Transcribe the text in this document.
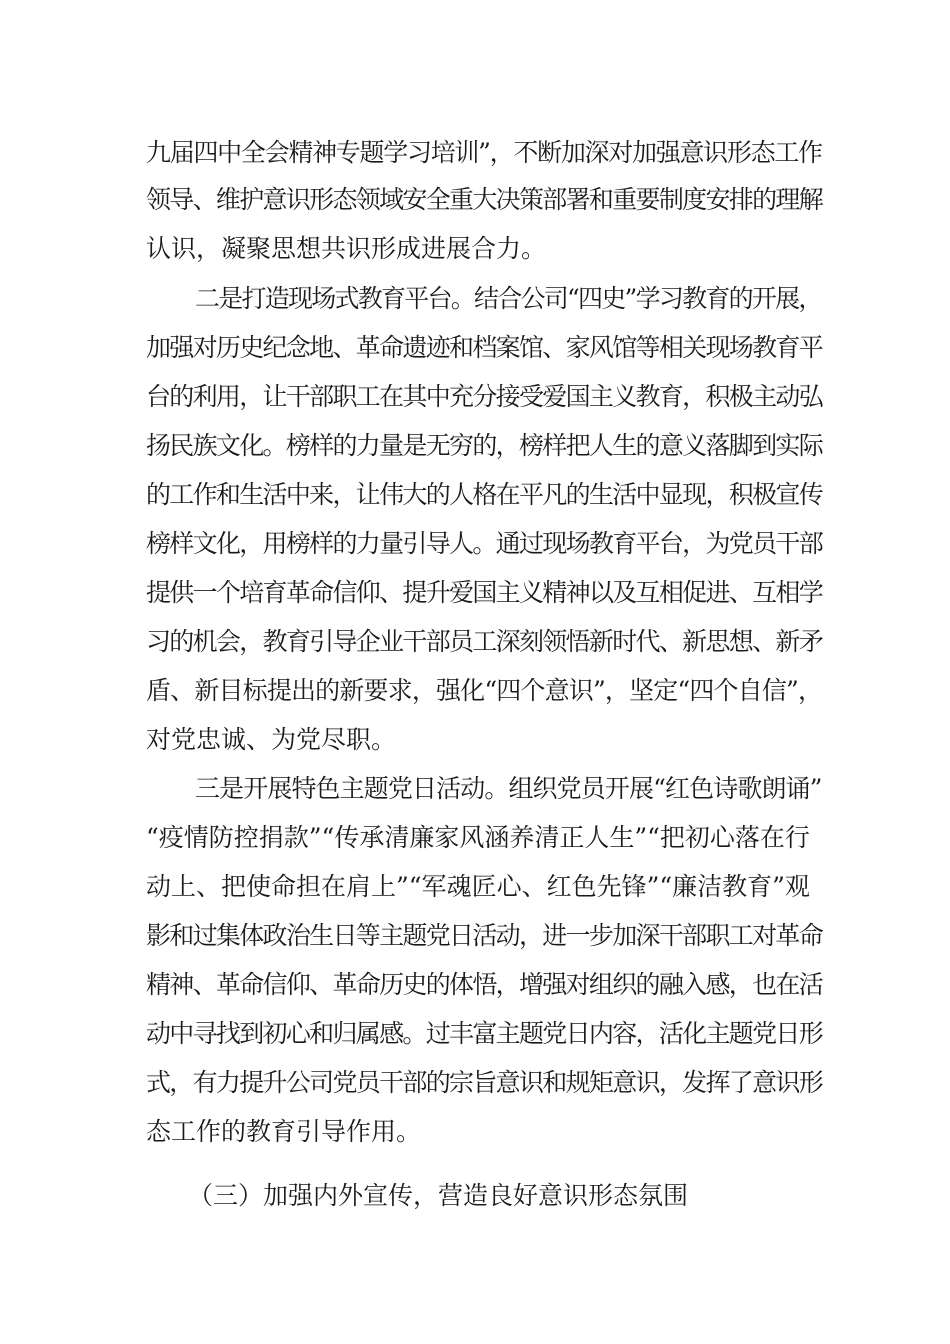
九届四中全会精神专题学习培训”，不断加深对加强意识形态工作
领导、维护意识形态领域安全重大决策部署和重要制度安排的理解
认识，凝聚思想共识形成进展合力。
二是打造现场式教育平台。结合公司“四史”学习教育的开展，
加强对历史纪念地、革命遗迹和档案馆、家风馆等相关现场教育平
台的利用，让干部职工在其中充分接受爱国主义教育，积极主动弘
扬民族文化。榜样的力量是无穷的，榜样把人生的意义落脚到实际
的工作和生活中来，让伟大的人格在平凡的生活中显现，积极宣传
榜样文化，用榜样的力量引导人。通过现场教育平台，为党员干部
提供一个培育革命信仰、提升爱国主义精神以及互相促进、互相学
习的机会，教育引导企业干部员工深刻领悟新时代、新思想、新矛
盾、新目标提出的新要求，强化“四个意识”，坚定“四个自信”，
对党忠诚、为党尽职。
三是开展特色主题党日活动。组织党员开展“红色诗歌朗诵”
“疫情防控捐款”“传承清廉家风涵养清正人生”“把初心落在行
动上、把使命担在肩上”“军魂匠心、红色先锋”“廉洁教育”观
影和过集体政治生日等主题党日活动，进一步加深干部职工对革命
精神、革命信仰、革命历史的体悟，增强对组织的融入感，也在活
动中寻找到初心和归属感。过丰富主题党日内容，活化主题党日形
式，有力提升公司党员干部的宗旨意识和规矩意识，发挥了意识形
态工作的教育引导作用。
（三）加强内外宣传，营造良好意识形态氛围
